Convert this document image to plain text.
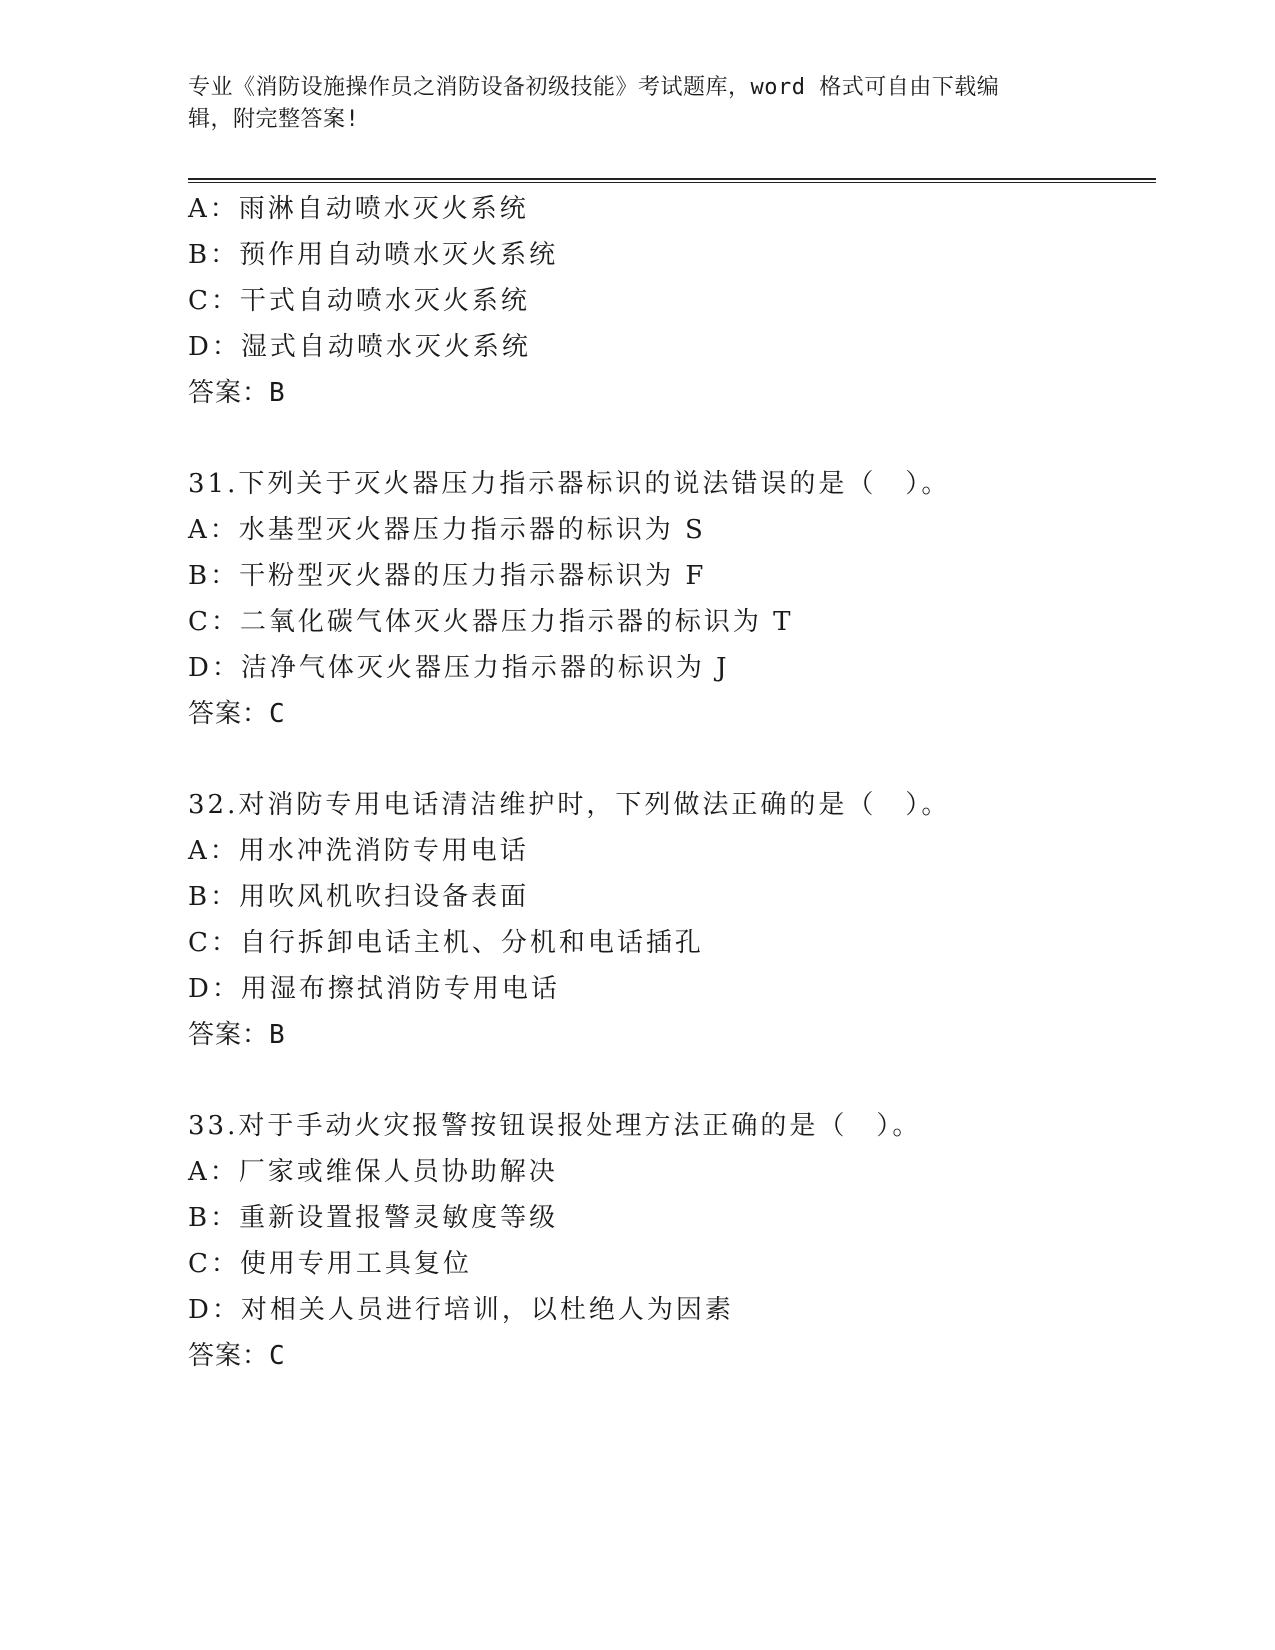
专业《消防设施操作员之消防设备初级技能》考试题库，word 格式可自由下载编
辑，附完整答案!
A：雨淋自动喷水灭火系统
B：预作用自动喷水灭火系统
C：干式自动喷水灭火系统
D：湿式自动喷水灭火系统
答案：B
31.下列关于灭火器压力指示器标识的说法错误的是（　）。
A：水基型灭火器压力指示器的标识为 S
B：干粉型灭火器的压力指示器标识为 F
C：二氧化碳气体灭火器压力指示器的标识为 T
D：洁净气体灭火器压力指示器的标识为 J
答案：C
32.对消防专用电话清洁维护时，下列做法正确的是（　）。
A：用水冲洗消防专用电话
B：用吹风机吹扫设备表面
C：自行拆卸电话主机、分机和电话插孔
D：用湿布擦拭消防专用电话
答案：B
33.对于手动火灾报警按钮误报处理方法正确的是（　）。
A：厂家或维保人员协助解决
B：重新设置报警灵敏度等级
C：使用专用工具复位
D：对相关人员进行培训，以杜绝人为因素
答案：C
